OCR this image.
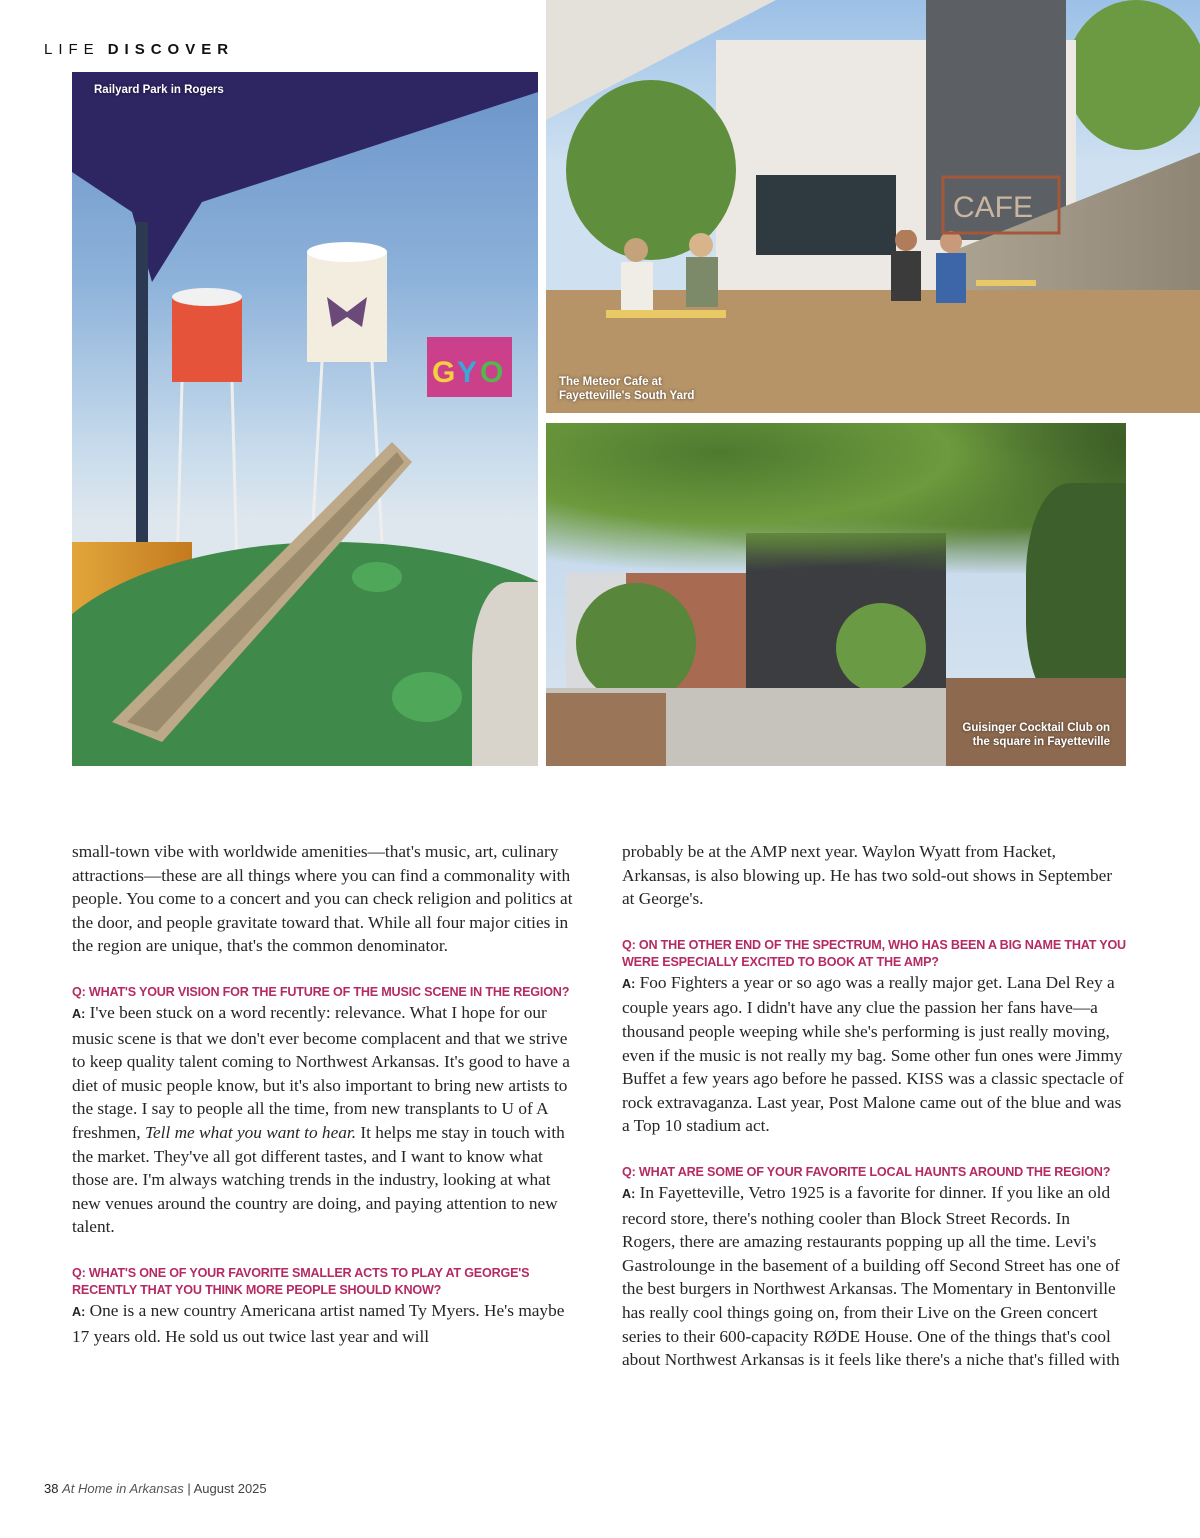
LIFE DISCOVER
G Y O
Railyard Park in Rogers
CAFE
The Meteor Cafe at
Fayetteville's South Yard
Guisinger Cocktail Club on
the square in Fayetteville

small-town vibe with worldwide amenities—that's music, art, culinary attractions—these are all things where you can find a commonality with people. You come to a concert and you can check religion and politics at the door, and people gravitate toward that. While all four major cities in the region are unique, that's the common denominator.

Q: WHAT'S YOUR VISION FOR THE FUTURE OF THE MUSIC SCENE IN THE REGION?

A: I've been stuck on a word recently: relevance. What I hope for our music scene is that we don't ever become complacent and that we strive to keep quality talent coming to Northwest Arkansas. It's good to have a diet of music people know, but it's also important to bring new artists to the stage. I say to people all the time, from new transplants to U of A freshmen, Tell me what you want to hear. It helps me stay in touch with the market. They've all got different tastes, and I want to know what those are. I'm always watching trends in the industry, looking at what new venues around the country are doing, and paying attention to new talent.

Q: WHAT'S ONE OF YOUR FAVORITE SMALLER ACTS TO PLAY AT GEORGE'S RECENTLY THAT YOU THINK MORE PEOPLE SHOULD KNOW?

A: One is a new country Americana artist named Ty Myers. He's maybe 17 years old. He sold us out twice last year and will

probably be at the AMP next year. Waylon Wyatt from Hacket, Arkansas, is also blowing up. He has two sold-out shows in September at George's.

Q: ON THE OTHER END OF THE SPECTRUM, WHO HAS BEEN A BIG NAME THAT YOU WERE ESPECIALLY EXCITED TO BOOK AT THE AMP?

A: Foo Fighters a year or so ago was a really major get. Lana Del Rey a couple years ago. I didn't have any clue the passion her fans have—a thousand people weeping while she's performing is just really moving, even if the music is not really my bag. Some other fun ones were Jimmy Buffet a few years ago before he passed. KISS was a classic spectacle of rock extravaganza. Last year, Post Malone came out of the blue and was a Top 10 stadium act.

Q: WHAT ARE SOME OF YOUR FAVORITE LOCAL HAUNTS AROUND THE REGION?

A: In Fayetteville, Vetro 1925 is a favorite for dinner. If you like an old record store, there's nothing cooler than Block Street Records. In Rogers, there are amazing restaurants popping up all the time. Levi's Gastrolounge in the basement of a building off Second Street has one of the best burgers in Northwest Arkansas. The Momentary in Bentonville has really cool things going on, from their Live on the Green concert series to their 600-capacity RØDE House. One of the things that's cool about Northwest Arkansas is it feels like there's a niche that's filled with

38 At Home in Arkansas | August 2025
